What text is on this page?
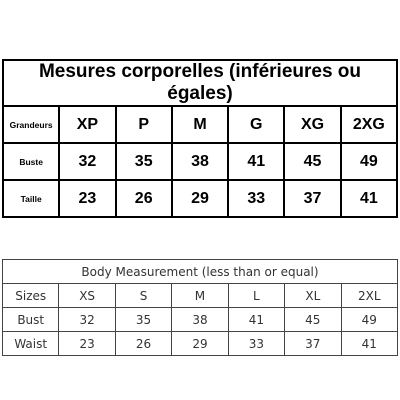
Mesures corporelles (inférieures ou égales)						
Grandeurs	XP	P	M	G	XG	2XG
Buste	32	35	38	41	45	49
Taille	23	26	29	33	37	41
Body Measurement (less than or equal)						
Sizes	XS	S	M	L	XL	2XL
Bust	32	35	38	41	45	49
Waist	23	26	29	33	37	41
